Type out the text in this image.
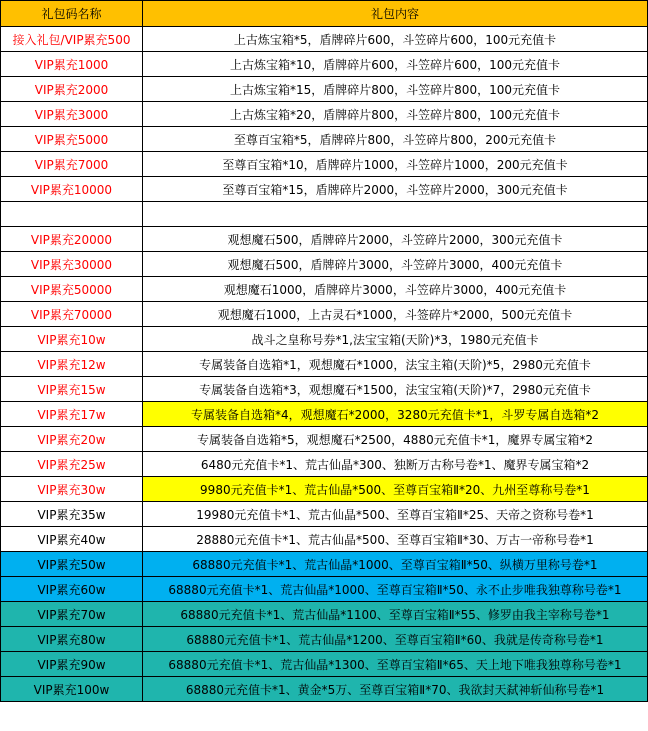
礼包码名称	礼包内容
接入礼包/VIP累充500	上古炼宝箱*5，盾牌碎片600，斗笠碎片600，100元充值卡
VIP累充1000	上古炼宝箱*10，盾牌碎片600，斗笠碎片600，100元充值卡
VIP累充2000	上古炼宝箱*15，盾牌碎片800，斗笠碎片800，100元充值卡
VIP累充3000	上古炼宝箱*20，盾牌碎片800，斗笠碎片800，100元充值卡
VIP累充5000	至尊百宝箱*5，盾牌碎片800，斗笠碎片800，200元充值卡
VIP累充7000	至尊百宝箱*10，盾牌碎片1000，斗笠碎片1000，200元充值卡
VIP累充10000	至尊百宝箱*15，盾牌碎片2000，斗笠碎片2000，300元充值卡

VIP累充20000	观想魔石500，盾牌碎片2000，斗笠碎片2000，300元充值卡
VIP累充30000	观想魔石500，盾牌碎片3000，斗笠碎片3000，400元充值卡
VIP累充50000	观想魔石1000，盾牌碎片3000，斗笠碎片3000，400元充值卡
VIP累充70000	观想魔石1000，上古灵石*1000，斗签碎片*2000，500元充值卡
VIP累充10w	战斗之皇称号券*1,法宝宝箱(天阶)*3，1980元充值卡
VIP累充12w	专属装备自选箱*1，观想魔石*1000，法宝主箱(天阶)*5，2980元充值卡
VIP累充15w	专属装备自选箱*3，观想魔石*1500，法宝宝箱(天阶)*7，2980元充值卡
VIP累充17w	专属装备自选箱*4，观想魔石*2000，3280元充值卡*1，斗罗专属自选箱*2
VIP累充20w	专属装备自选箱*5，观想魔石*2500，4880元充值卡*1，魔界专属宝箱*2
VIP累充25w	6480元充值卡*1、荒古仙晶*300、独断万古称号卷*1、魔界专属宝箱*2
VIP累充30w	9980元充值卡*1、荒古仙晶*500、至尊百宝箱Ⅱ*20、九州至尊称号卷*1
VIP累充35w	19980元充值卡*1、荒古仙晶*500、至尊百宝箱Ⅱ*25、天帝之资称号卷*1
VIP累充40w	28880元充值卡*1、荒古仙晶*500、至尊百宝箱Ⅱ*30、万古一帝称号卷*1
VIP累充50w	68880元充值卡*1、荒古仙晶*1000、至尊百宝箱Ⅱ*50、纵横万里称号卷*1
VIP累充60w	68880元充值卡*1、荒古仙晶*1000、至尊百宝箱Ⅱ*50、永不止步唯我独尊称号卷*1
VIP累充70w	68880元充值卡*1、荒古仙晶*1100、至尊百宝箱Ⅱ*55、修罗由我主宰称号卷*1
VIP累充80w	68880元充值卡*1、荒古仙晶*1200、至尊百宝箱Ⅱ*60、我就是传奇称号卷*1
VIP累充90w	68880元充值卡*1、荒古仙晶*1300、至尊百宝箱Ⅱ*65、天上地下唯我独尊称号卷*1
VIP累充100w	68880元充值卡*1、黄金*5万、至尊百宝箱Ⅱ*70、我欲封天弑神斩仙称号卷*1
